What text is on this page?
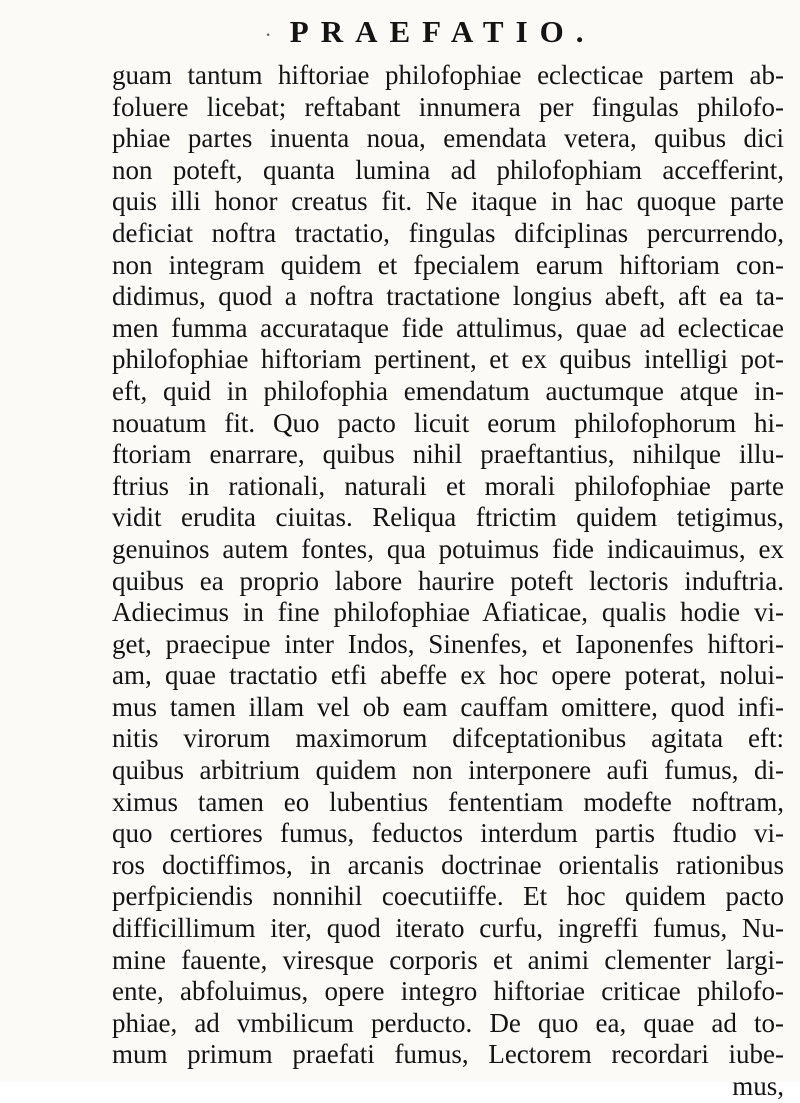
· PRAEFATIO.
guam tantum hiftoriae philofophiae eclecticae partem ab-
foluere licebat; reftabant innumera per fingulas philofo-
phiae partes inuenta noua, emendata vetera, quibus dici
non poteft, quanta lumina ad philofophiam accefferint,
quis illi honor creatus fit. Ne itaque in hac quoque parte
deficiat noftra tractatio, fingulas difciplinas percurrendo,
non integram quidem et fpecialem earum hiftoriam con-
didimus, quod a noftra tractatione longius abeft, aft ea ta-
men fumma accurataque fide attulimus, quae ad eclecticae
philofophiae hiftoriam pertinent, et ex quibus intelligi pot-
eft, quid in philofophia emendatum auctumque atque in-
nouatum fit. Quo pacto licuit eorum philofophorum hi-
ftoriam enarrare, quibus nihil praeftantius, nihilque illu-
ftrius in rationali, naturali et morali philofophiae parte
vidit erudita ciuitas. Reliqua ftrictim quidem tetigimus,
genuinos autem fontes, qua potuimus fide indicauimus, ex
quibus ea proprio labore haurire poteft lectoris induftria.
Adiecimus in fine philofophiae Afiaticae, qualis hodie vi-
get, praecipue inter Indos, Sinenfes, et Iaponenfes hiftori-
am, quae tractatio etfi abeffe ex hoc opere poterat, nolui-
mus tamen illam vel ob eam cauffam omittere, quod infi-
nitis virorum maximorum difceptationibus agitata eft:
quibus arbitrium quidem non interponere aufi fumus, di-
ximus tamen eo lubentius fententiam modefte noftram,
quo certiores fumus, feductos interdum partis ftudio vi-
ros doctiffimos, in arcanis doctrinae orientalis rationibus
perfpiciendis nonnihil coecutiiffe. Et hoc quidem pacto
difficillimum iter, quod iterato curfu, ingreffi fumus, Nu-
mine fauente, viresque corporis et animi clementer largi-
ente, abfoluimus, opere integro hiftoriae criticae philofo-
phiae, ad vmbilicum perducto. De quo ea, quae ad to-
mum primum praefati fumus, Lectorem recordari iube-
mus,
